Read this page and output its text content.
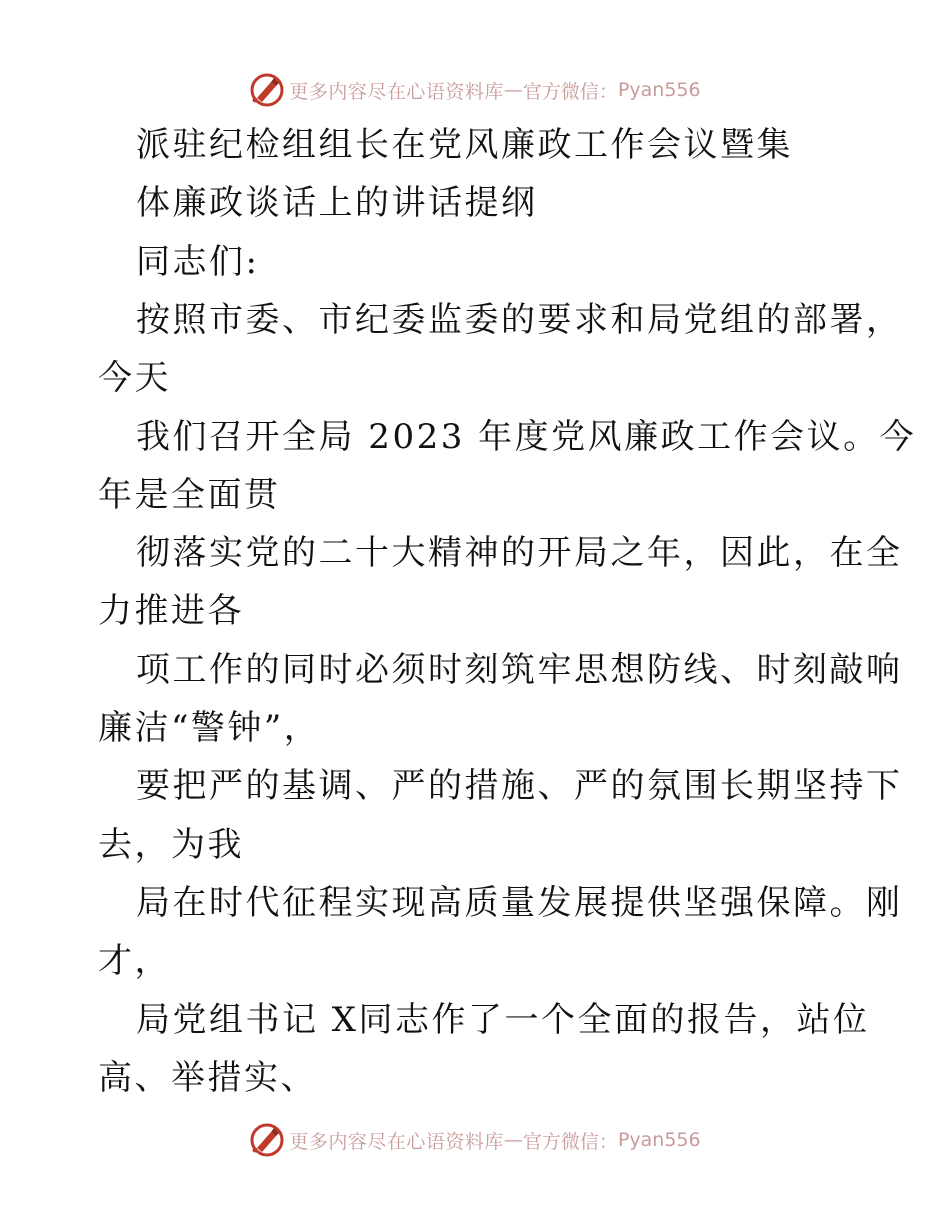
更多内容尽在心语资料库 — 官方微信： Pyan556
派驻纪检组组长在党风廉政工作会议暨集
体廉政谈话上的讲话提纲
同志们:
按照市委、市纪委监委的要求和局党组的部署，
今天
我们召开全局 2023 年度党风廉政工作会议。今
年是全面贯
彻落实党的二十大精神的开局之年，因此，在全
力推进各
项工作的同时必须时刻筑牢思想防线、时刻敲响
廉洁“警钟”，
要把严的基调、严的措施、严的氛围长期坚持下
去，为我
局在时代征程实现高质量发展提供坚强保障。刚
才，
局党组书记 X同志作了一个全面的报告，站位
高、举措实、
更多内容尽在心语资料库 — 官方微信： Pyan556
